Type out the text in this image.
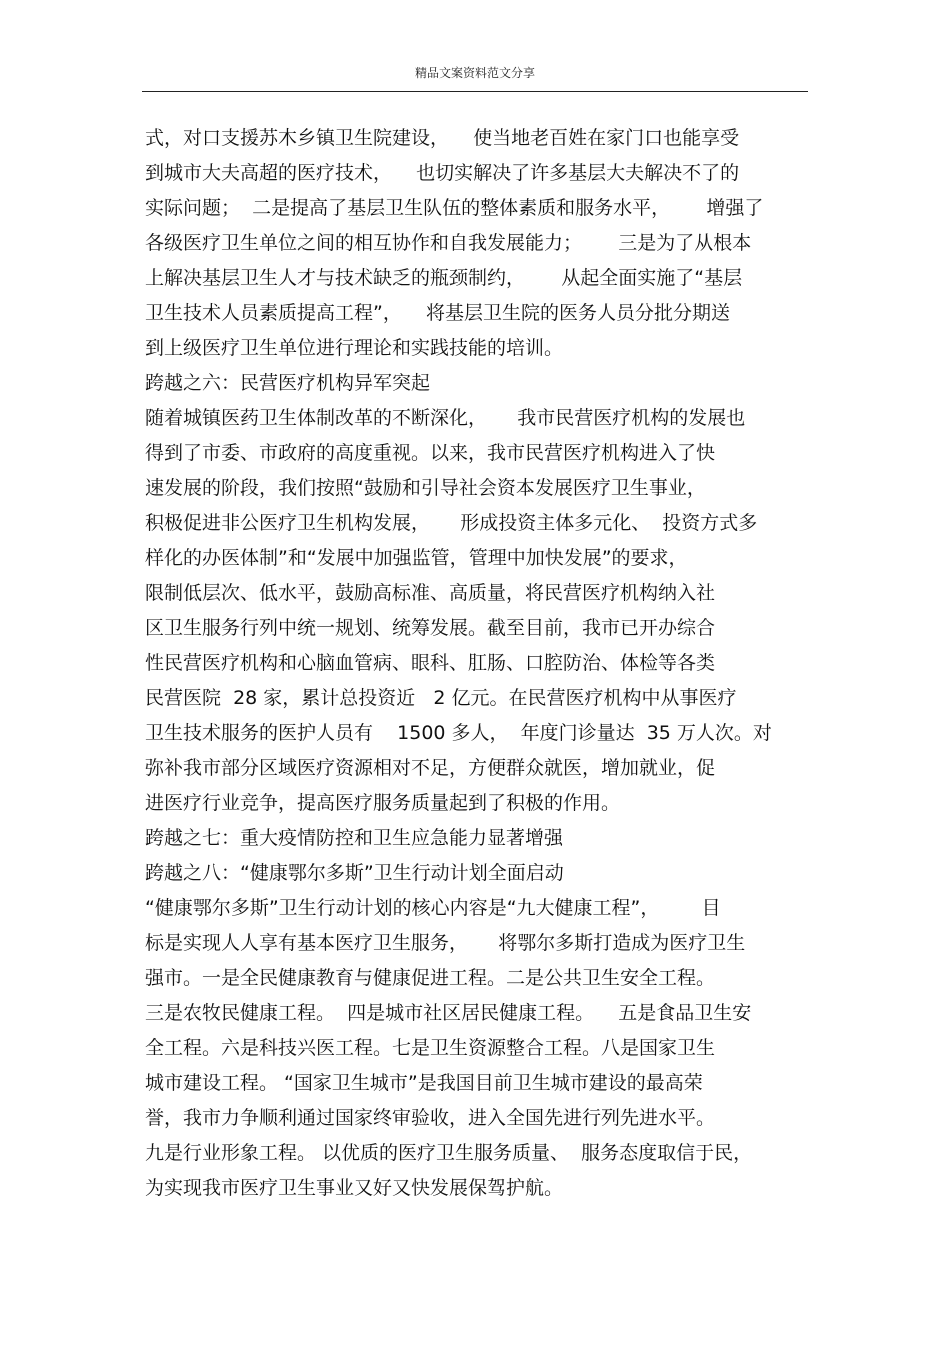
精品文案资料范文分享
式，对口支援苏木乡镇卫生院建设，    使当地老百姓在家门口也能享受
到城市大夫高超的医疗技术，    也切实解决了许多基层大夫解决不了的
实际问题；  二是提高了基层卫生队伍的整体素质和服务水平，      增强了
各级医疗卫生单位之间的相互协作和自我发展能力；      三是为了从根本
上解决基层卫生人才与技术缺乏的瓶颈制约，      从起全面实施了“基层
卫生技术人员素质提高工程”，    将基层卫生院的医务人员分批分期送
到上级医疗卫生单位进行理论和实践技能的培训。
跨越之六：民营医疗机构异军突起
随着城镇医药卫生体制改革的不断深化，     我市民营医疗机构的发展也
得到了市委、市政府的高度重视。以来，我市民营医疗机构进入了快
速发展的阶段，我们按照“鼓励和引导社会资本发展医疗卫生事业，
积极促进非公医疗卫生机构发展，     形成投资主体多元化、  投资方式多
样化的办医体制”和“发展中加强监管，管理中加快发展”的要求，
限制低层次、低水平，鼓励高标准、高质量，将民营医疗机构纳入社
区卫生服务行列中统一规划、统筹发展。截至目前，我市已开办综合
性民营医疗机构和心脑血管病、眼科、肛肠、口腔防治、体检等各类
民营医院  28 家，累计总投资近   2 亿元。在民营医疗机构中从事医疗
卫生技术服务的医护人员有    1500 多人，  年度门诊量达  35 万人次。对
弥补我市部分区域医疗资源相对不足，方便群众就医，增加就业，促
进医疗行业竞争，提高医疗服务质量起到了积极的作用。
跨越之七：重大疫情防控和卫生应急能力显著增强
跨越之八：“健康鄂尔多斯”卫生行动计划全面启动
“健康鄂尔多斯”卫生行动计划的核心内容是“九大健康工程”，       目
标是实现人人享有基本医疗卫生服务，     将鄂尔多斯打造成为医疗卫生
强市。一是全民健康教育与健康促进工程。二是公共卫生安全工程。
三是农牧民健康工程。  四是城市社区居民健康工程。    五是食品卫生安
全工程。六是科技兴医工程。七是卫生资源整合工程。八是国家卫生
城市建设工程。 “国家卫生城市”是我国目前卫生城市建设的最高荣
誉，我市力争顺利通过国家终审验收，进入全国先进行列先进水平。
九是行业形象工程。 以优质的医疗卫生服务质量、  服务态度取信于民，
为实现我市医疗卫生事业又好又快发展保驾护航。
